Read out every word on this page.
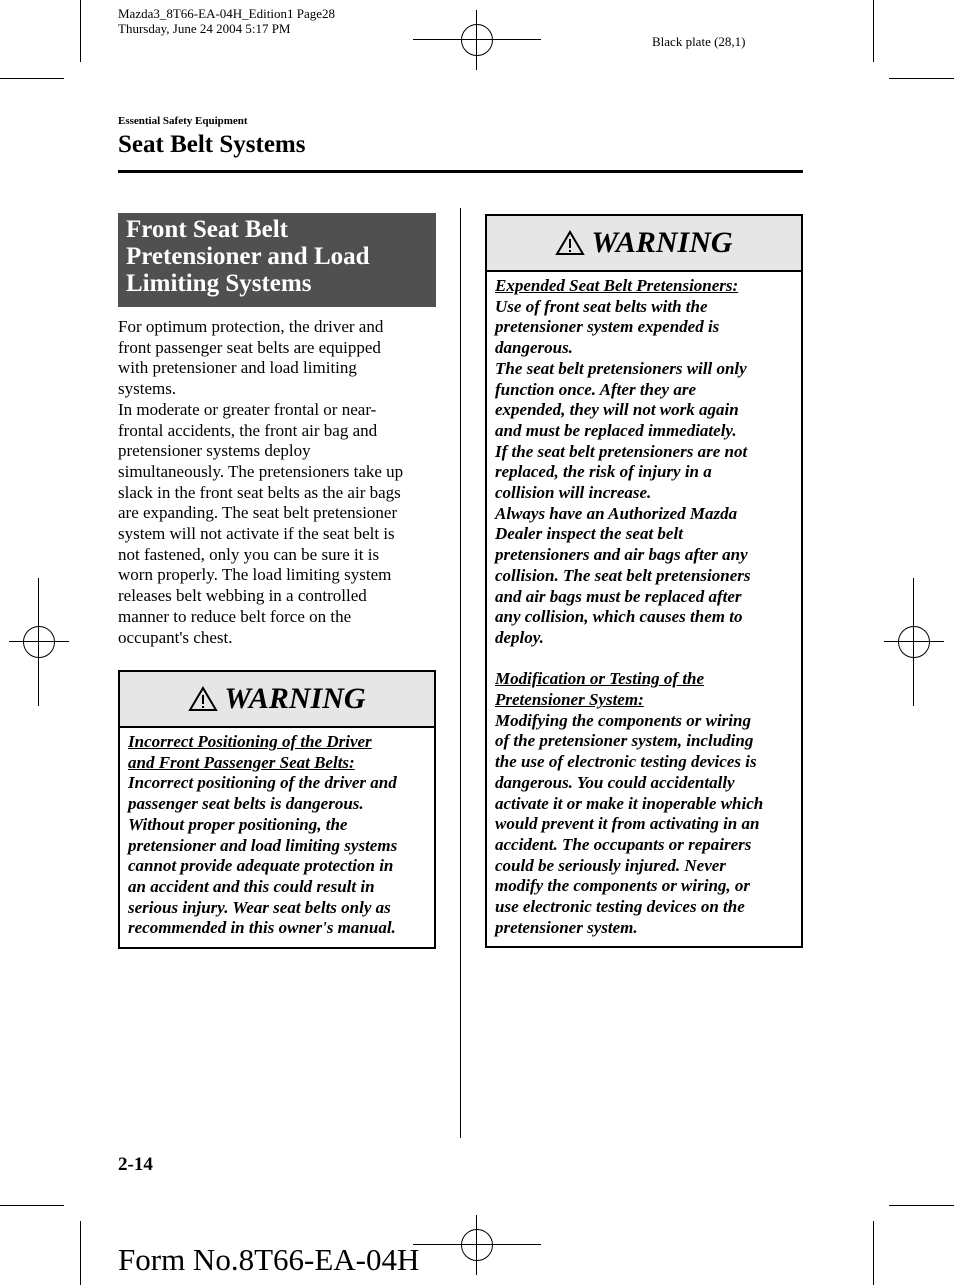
Mazda3_8T66-EA-04H_Edition1 Page28
Thursday, June 24 2004 5:17 PM
Black plate (28,1)
Essential Safety Equipment
Seat Belt Systems
Front Seat Belt
Pretensioner and Load
Limiting Systems
For optimum protection, the driver and
front passenger seat belts are equipped
with pretensioner and load limiting
systems.
In moderate or greater frontal or near-
frontal accidents, the front air bag and
pretensioner systems deploy
simultaneously. The pretensioners take up
slack in the front seat belts as the air bags
are expanding. The seat belt pretensioner
system will not activate if the seat belt is
not fastened, only you can be sure it is
worn properly. The load limiting system
releases belt webbing in a controlled
manner to reduce belt force on the
occupant's chest.
WARNING
Incorrect Positioning of the Driver
and Front Passenger Seat Belts:
Incorrect positioning of the driver and
passenger seat belts is dangerous.
Without proper positioning, the
pretensioner and load limiting systems
cannot provide adequate protection in
an accident and this could result in
serious injury. Wear seat belts only as
recommended in this owner's manual.
WARNING
Expended Seat Belt Pretensioners:
Use of front seat belts with the
pretensioner system expended is
dangerous.
The seat belt pretensioners will only
function once. After they are
expended, they will not work again
and must be replaced immediately.
If the seat belt pretensioners are not
replaced, the risk of injury in a
collision will increase.
Always have an Authorized Mazda
Dealer inspect the seat belt
pretensioners and air bags after any
collision. The seat belt pretensioners
and air bags must be replaced after
any collision, which causes them to
deploy.
Modification or Testing of the
Pretensioner System:
Modifying the components or wiring
of the pretensioner system, including
the use of electronic testing devices is
dangerous. You could accidentally
activate it or make it inoperable which
would prevent it from activating in an
accident. The occupants or repairers
could be seriously injured. Never
modify the components or wiring, or
use electronic testing devices on the
pretensioner system.
2-14
Form No.8T66-EA-04H
